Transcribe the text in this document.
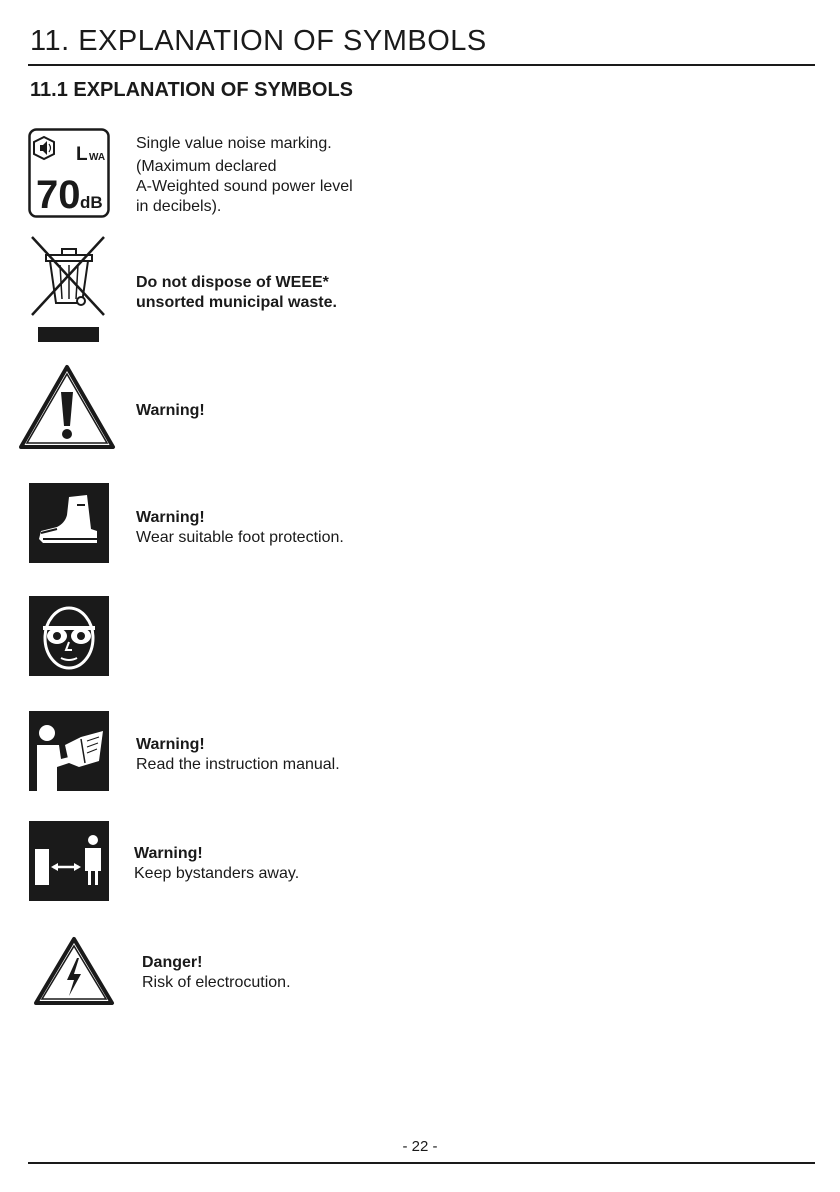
11. EXPLANATION OF SYMBOLS
11.1 EXPLANATION OF SYMBOLS
L WA
70 dB
Single value noise marking.
(Maximum declared
A-Weighted sound power level
in decibels).
Do not dispose of WEEE*
unsorted municipal waste.
Warning!
Warning!
Wear suitable foot protection.
Warning!
Read the instruction manual.
Warning!
Keep bystanders away.
Danger!
Risk of electrocution.
- 22 -
